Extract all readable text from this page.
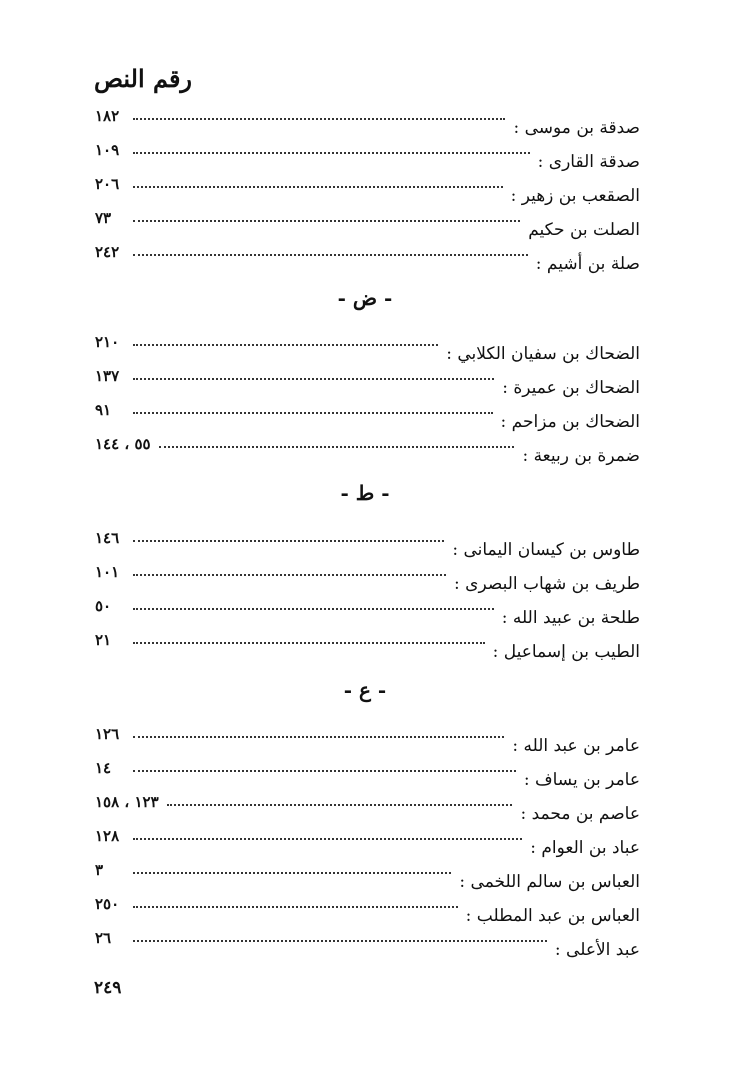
رقم النص
صدقة بن موسى :
١٨٢
صدقة القارى :
١٠٩
الصقعب بن زهير :
٢٠٦
الصلت بن حكيم
٧٣
صلة بن أشيم :
٢٤٢
- ض -
الضحاك بن سفيان الكلابي :
٢١٠
الضحاك بن عميرة :
١٣٧
الضحاك بن مزاحم :
٩١
ضمرة بن ربيعة :
٥٥ ، ١٤٤
- ط -
طاوس بن كيسان اليمانى :
١٤٦
طريف بن شهاب البصرى :
١٠١
طلحة بن عبيد الله :
٥٠
الطيب بن إسماعيل :
٢١
- ع -
عامر بن عبد الله :
١٢٦
عامر بن يساف :
١٤
عاصم بن محمد :
١٢٣ ، ١٥٨
عباد بن العوام :
١٢٨
العباس بن سالم اللخمى :
٣
العباس بن عبد المطلب :
٢٥٠
عبد الأعلى :
٢٦
٢٤٩
